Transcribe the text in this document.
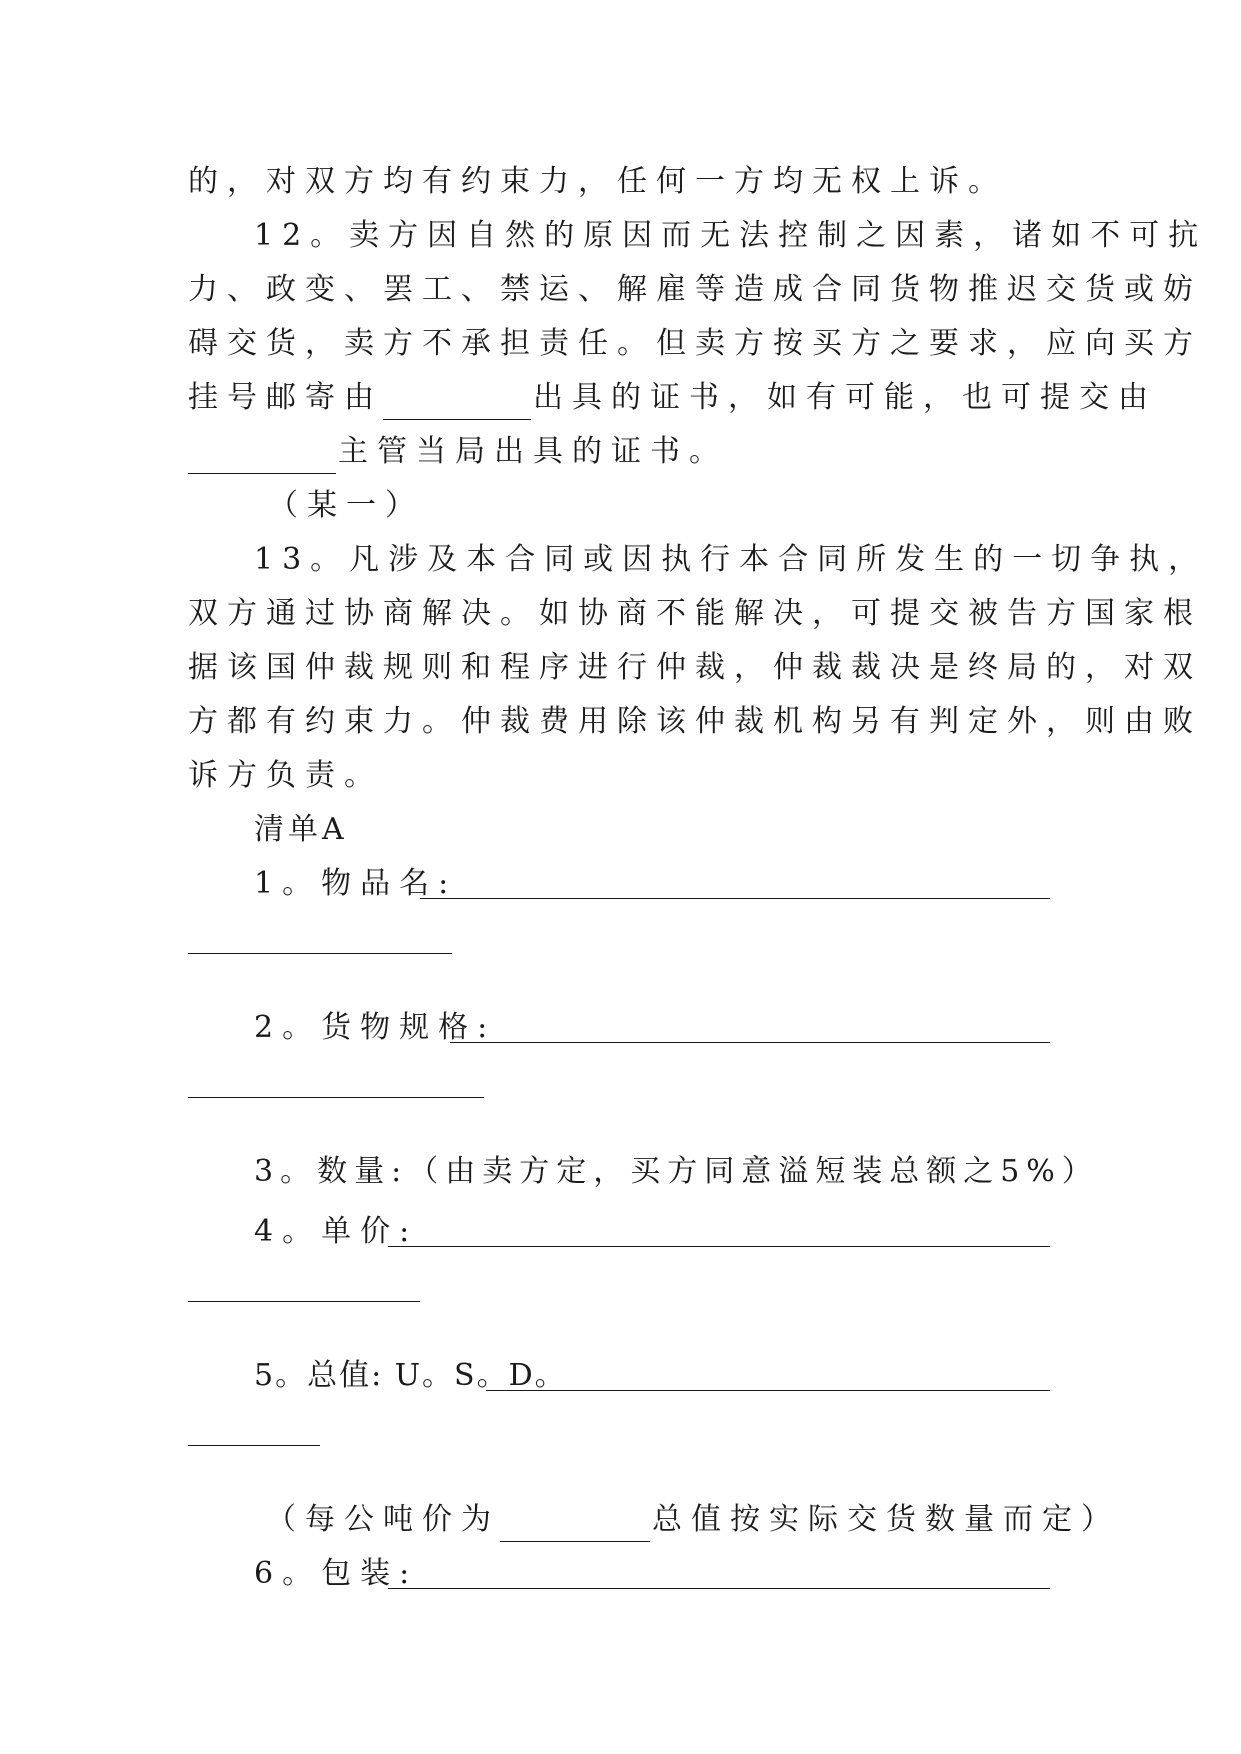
的，对双方均有约束力，任何一方均无权上诉。
12。卖方因自然的原因而无法控制之因素，诸如不可抗
力、政变、罢工、禁运、解雇等造成合同货物推迟交货或妨
碍交货，卖方不承担责任。但卖方按买方之要求，应向买方
挂号邮寄由	出具的证书，如有可能，也可提交由
主管当局出具的证书。
（某一）
13。凡涉及本合同或因执行本合同所发生的一切争执，
双方通过协商解决。如协商不能解决，可提交被告方国家根
据该国仲裁规则和程序进行仲裁，仲裁裁决是终局的，对双
方都有约束力。仲裁费用除该仲裁机构另有判定外，则由败
诉方负责。
清单A
1。物品名:
2。货物规格:
3。数量:（由卖方定，买方同意溢短装总额之5%）
4。单价:
5。总值: U。S。D。
（每公吨价为	总值按实际交货数量而定）
6。包装:
